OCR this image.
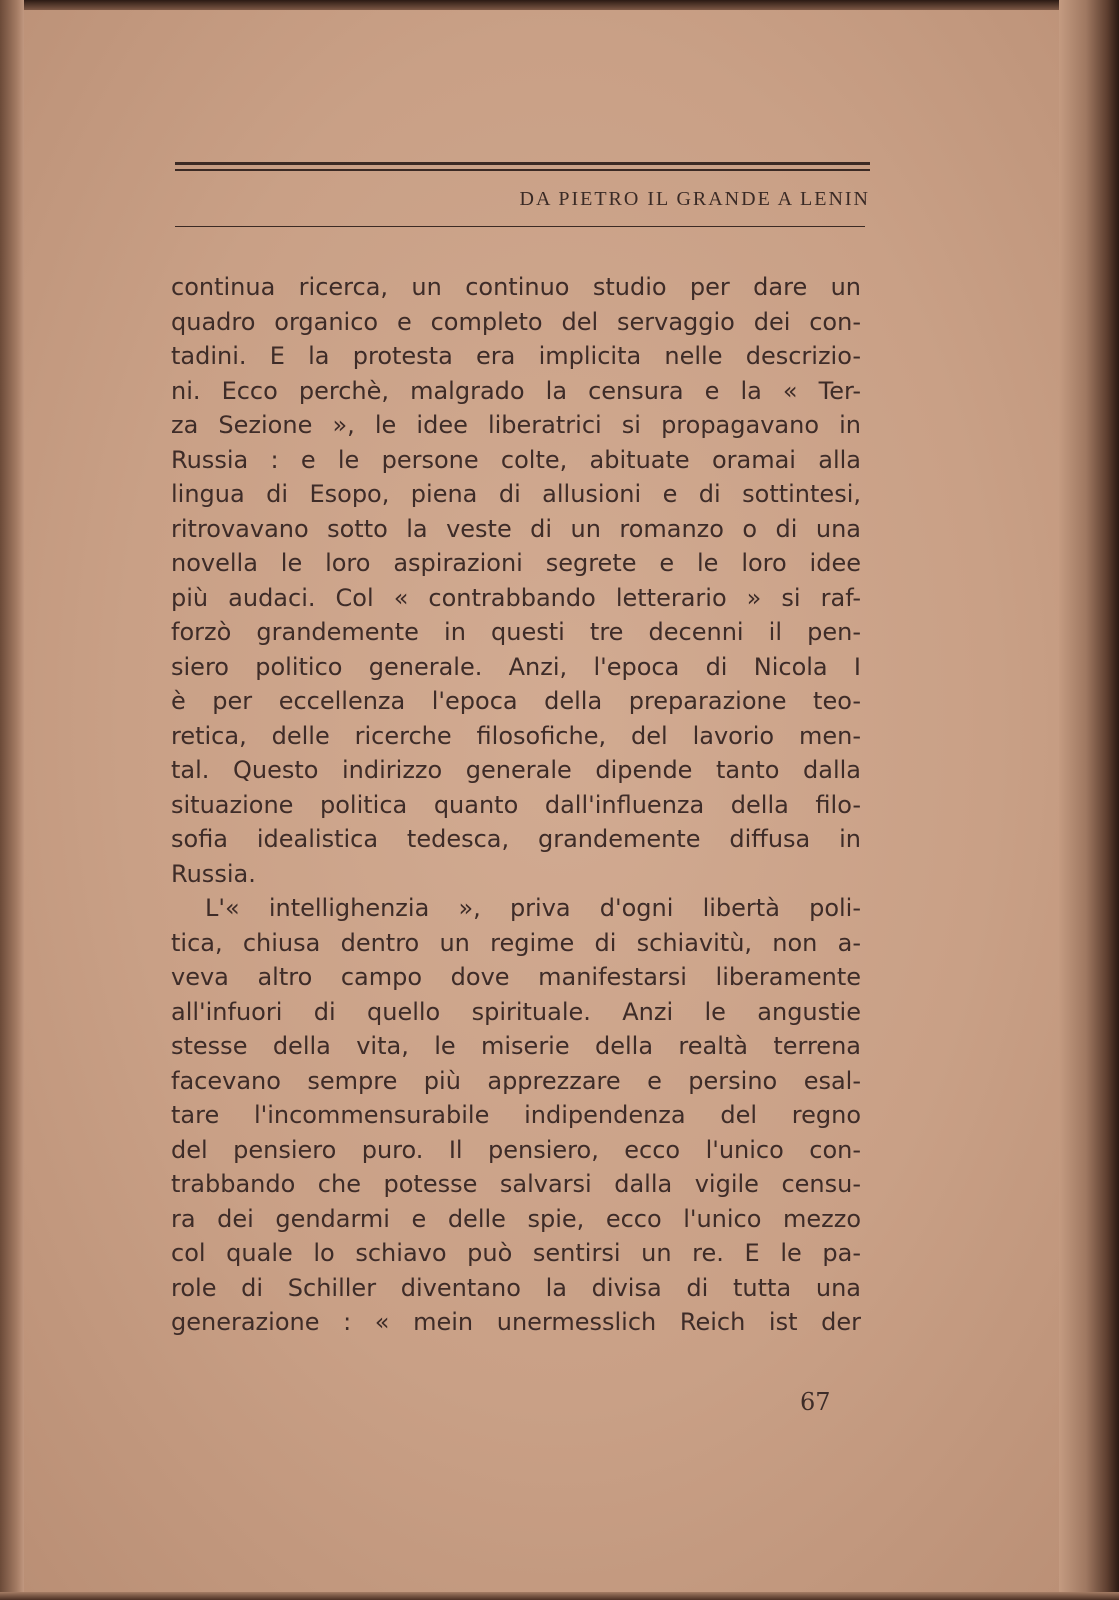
DA PIETRO IL GRANDE A LENIN
continua ricerca, un continuo studio per dare un
quadro organico e completo del servaggio dei con-
tadini. E la protesta era implicita nelle descrizio-
ni. Ecco perchè, malgrado la censura e la « Ter-
za Sezione », le idee liberatrici si propagavano in
Russia : e le persone colte, abituate oramai alla
lingua di Esopo, piena di allusioni e di sottintesi,
ritrovavano sotto la veste di un romanzo o di una
novella le loro aspirazioni segrete e le loro idee
più audaci. Col « contrabbando letterario » si raf-
forzò grandemente in questi tre decenni il pen-
siero politico generale. Anzi, l'epoca di Nicola I
è per eccellenza l'epoca della preparazione teo-
retica, delle ricerche filosofiche, del lavorio men-
tal. Questo indirizzo generale dipende tanto dalla
situazione politica quanto dall'influenza della filo-
sofia idealistica tedesca, grandemente diffusa in
Russia.
L'« intellighenzia », priva d'ogni libertà poli-
tica, chiusa dentro un regime di schiavitù, non a-
veva altro campo dove manifestarsi liberamente
all'infuori di quello spirituale. Anzi le angustie
stesse della vita, le miserie della realtà terrena
facevano sempre più apprezzare e persino esal-
tare l'incommensurabile indipendenza del regno
del pensiero puro. Il pensiero, ecco l'unico con-
trabbando che potesse salvarsi dalla vigile censu-
ra dei gendarmi e delle spie, ecco l'unico mezzo
col quale lo schiavo può sentirsi un re. E le pa-
role di Schiller diventano la divisa di tutta una
generazione : « mein unermesslich Reich ist der
67
